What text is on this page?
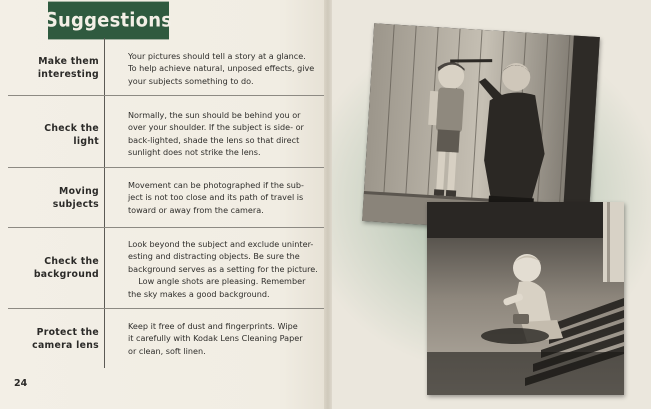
Suggestions
Make them
interesting
Your pictures should tell a story at a glance.
To help achieve natural, unposed effects, give
your subjects something to do.
Check the
light
Normally, the sun should be behind you or
over your shoulder. If the subject is side- or
back-lighted, shade the lens so that direct
sunlight does not strike the lens.
Moving
subjects
Movement can be photographed if the sub-
ject is not too close and its path of travel is
toward or away from the camera.
Check the
background
Look beyond the subject and exclude uninter-
esting and distracting objects. Be sure the
background serves as a setting for the picture.
Low angle shots are pleasing. Remember
the sky makes a good background.
Protect the
camera lens
Keep it free of dust and fingerprints. Wipe
it carefully with Kodak Lens Cleaning Paper
or clean, soft linen.
24
